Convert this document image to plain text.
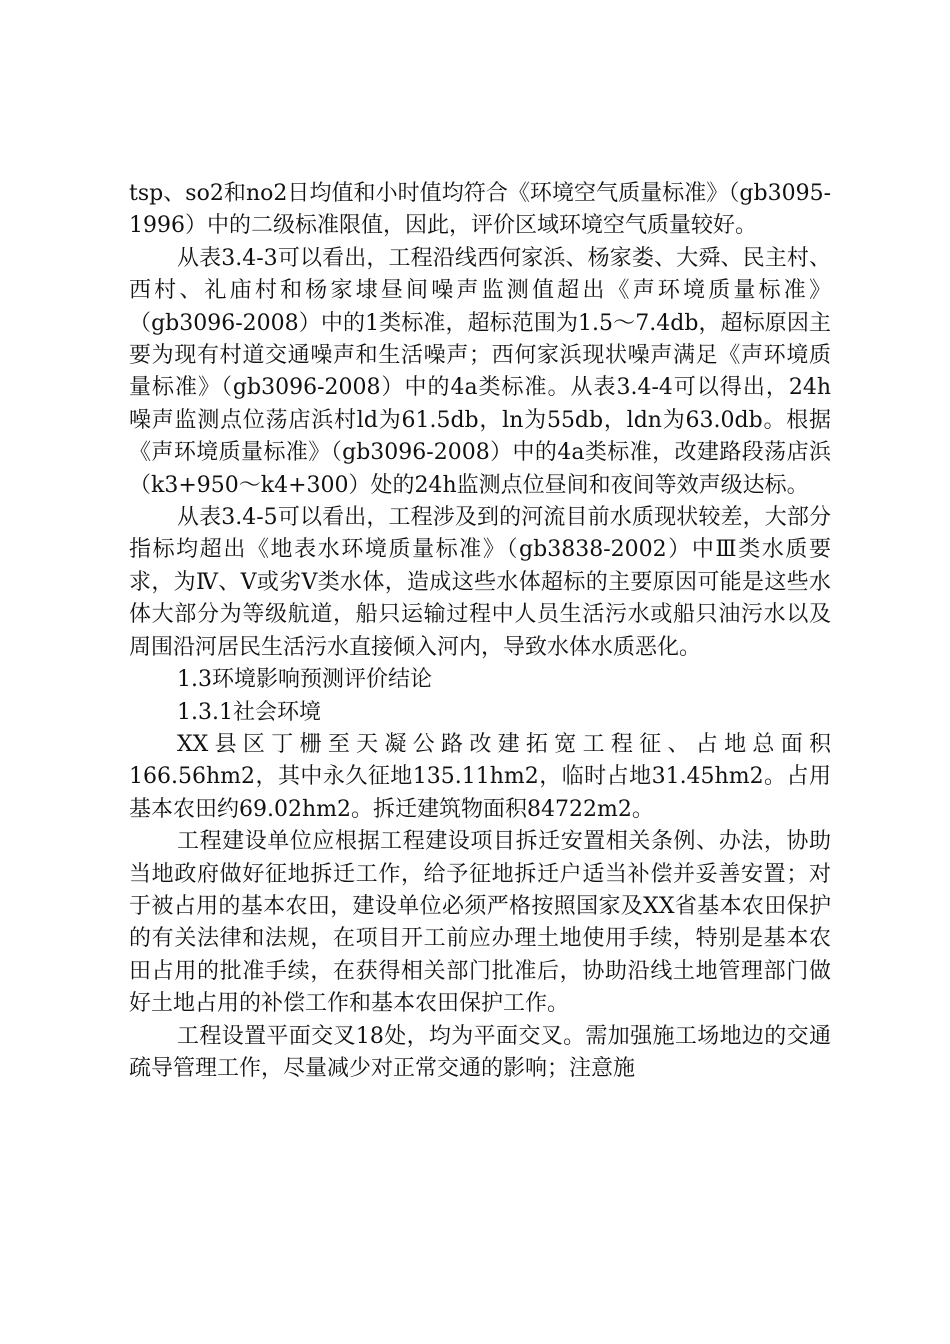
tsp、so2和no2日均值和小时值均符合《环境空气质量标准》（gb3095-1996）中的二级标准限值，因此，评价区域环境空气质量较好。

从表3.4-3可以看出，工程沿线西何家浜、杨家娄、大舜、民主村、西村、礼庙村和杨家埭昼间噪声监测值超出《声环境质量标准》（gb3096-2008）中的1类标准，超标范围为1.5～7.4db，超标原因主要为现有村道交通噪声和生活噪声；西何家浜现状噪声满足《声环境质量标准》（gb3096-2008）中的4a类标准。从表3.4-4可以得出，24h噪声监测点位荡店浜村ld为61.5db，ln为55db，ldn为63.0db。根据《声环境质量标准》（gb3096-2008）中的4a类标准，改建路段荡店浜（k3+950～k4+300）处的24h监测点位昼间和夜间等效声级达标。

从表3.4-5可以看出，工程涉及到的河流目前水质现状较差，大部分指标均超出《地表水环境质量标准》（gb3838-2002）中Ⅲ类水质要求，为Ⅳ、Ⅴ或劣Ⅴ类水体，造成这些水体超标的主要原因可能是这些水体大部分为等级航道，船只运输过程中人员生活污水或船只油污水以及周围沿河居民生活污水直接倾入河内，导致水体水质恶化。

1.3环境影响预测评价结论

1.3.1社会环境

XX县区丁栅至天凝公路改建拓宽工程征、占地总面积166.56hm2，其中永久征地135.11hm2，临时占地31.45hm2。占用基本农田约69.02hm2。拆迁建筑物面积84722m2。

工程建设单位应根据工程建设项目拆迁安置相关条例、办法，协助当地政府做好征地拆迁工作，给予征地拆迁户适当补偿并妥善安置；对于被占用的基本农田，建设单位必须严格按照国家及XX省基本农田保护的有关法律和法规，在项目开工前应办理土地使用手续，特别是基本农田占用的批准手续，在获得相关部门批准后，协助沿线土地管理部门做好土地占用的补偿工作和基本农田保护工作。

工程设置平面交叉18处，均为平面交叉。需加强施工场地边的交通疏导管理工作，尽量减少对正常交通的影响；注意施
